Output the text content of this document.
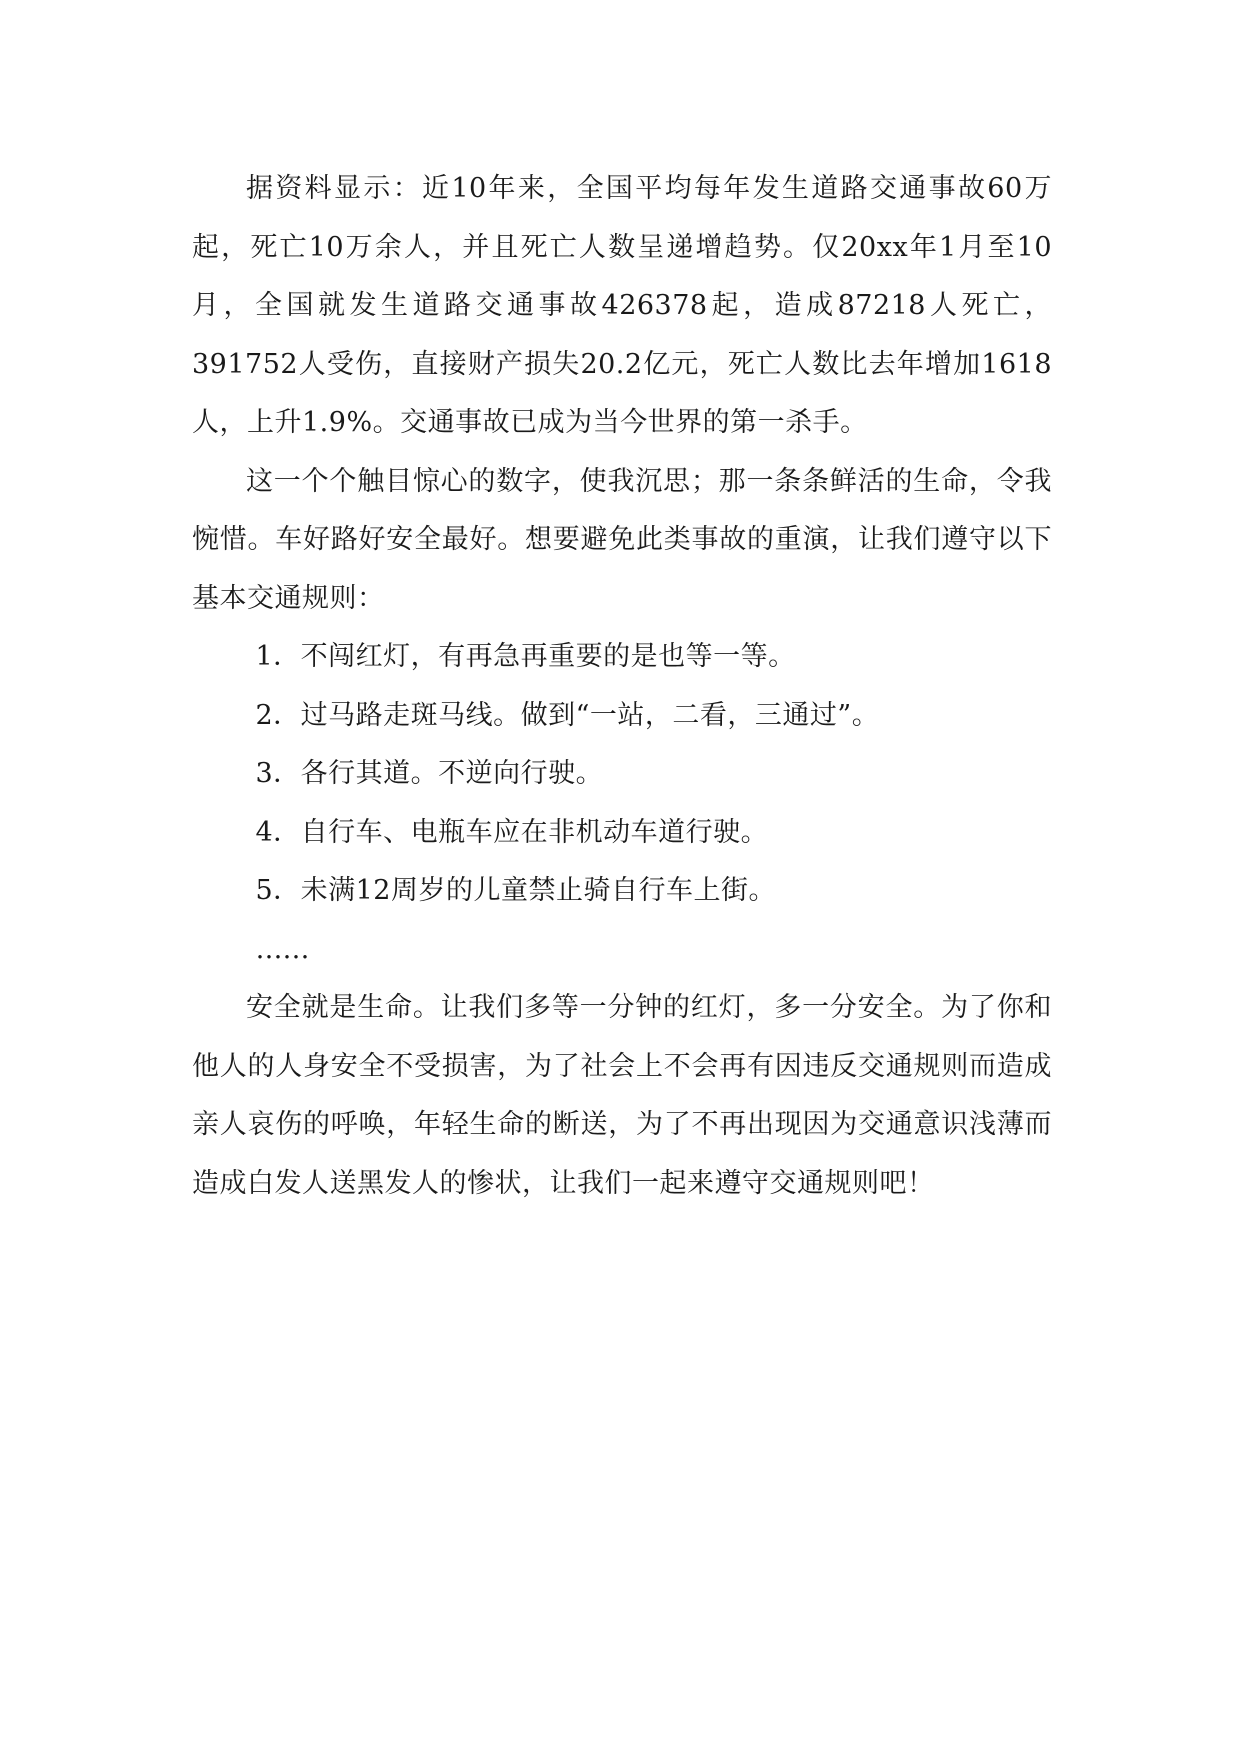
据资料显示：近10年来，全国平均每年发生道路交通事故60万起，死亡10万余人，并且死亡人数呈递增趋势。仅20xx年1月至10月，全国就发生道路交通事故426378起，造成87218人死亡，391752人受伤，直接财产损失20.2亿元，死亡人数比去年增加1618人，上升1.9%。交通事故已成为当今世界的第一杀手。

这一个个触目惊心的数字，使我沉思；那一条条鲜活的生命，令我惋惜。车好路好安全最好。想要避免此类事故的重演，让我们遵守以下基本交通规则：

1．不闯红灯，有再急再重要的是也等一等。

2．过马路走斑马线。做到“一站，二看，三通过”。

3．各行其道。不逆向行驶。

4．自行车、电瓶车应在非机动车道行驶。

5．未满12周岁的儿童禁止骑自行车上街。

……

安全就是生命。让我们多等一分钟的红灯，多一分安全。为了你和他人的人身安全不受损害，为了社会上不会再有因违反交通规则而造成亲人哀伤的呼唤，年轻生命的断送，为了不再出现因为交通意识浅薄而造成白发人送黑发人的惨状，让我们一起来遵守交通规则吧！
